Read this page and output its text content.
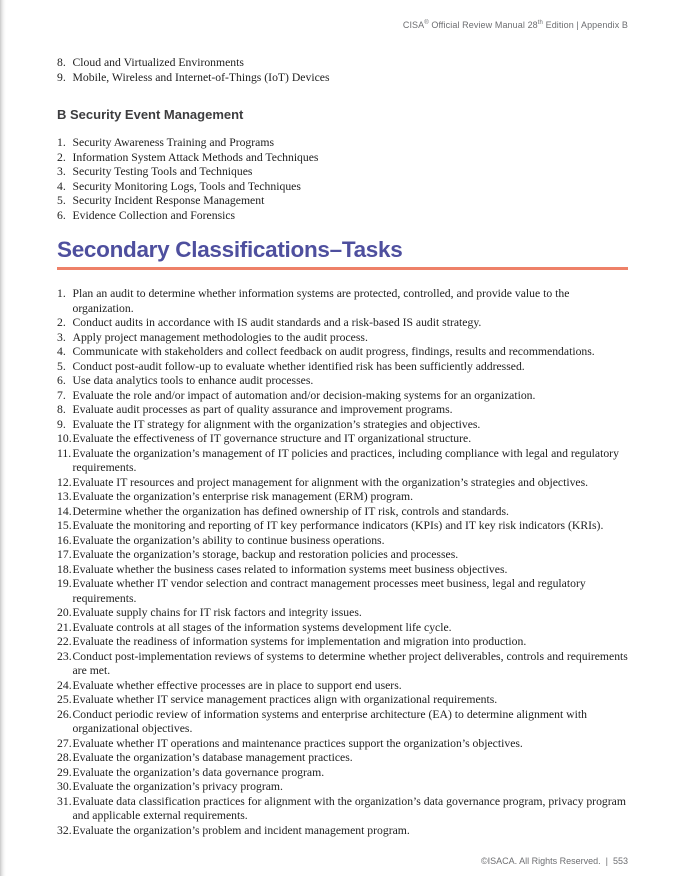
CISA® Official Review Manual 28th Edition | Appendix B
8. Cloud and Virtualized Environments
9. Mobile, Wireless and Internet-of-Things (IoT) Devices
B Security Event Management
1. Security Awareness Training and Programs
2. Information System Attack Methods and Techniques
3. Security Testing Tools and Techniques
4. Security Monitoring Logs, Tools and Techniques
5. Security Incident Response Management
6. Evidence Collection and Forensics
Secondary Classifications–Tasks
1. Plan an audit to determine whether information systems are protected, controlled, and provide value to the organization.
2. Conduct audits in accordance with IS audit standards and a risk-based IS audit strategy.
3. Apply project management methodologies to the audit process.
4. Communicate with stakeholders and collect feedback on audit progress, findings, results and recommendations.
5. Conduct post-audit follow-up to evaluate whether identified risk has been sufficiently addressed.
6. Use data analytics tools to enhance audit processes.
7. Evaluate the role and/or impact of automation and/or decision-making systems for an organization.
8. Evaluate audit processes as part of quality assurance and improvement programs.
9. Evaluate the IT strategy for alignment with the organization’s strategies and objectives.
10. Evaluate the effectiveness of IT governance structure and IT organizational structure.
11. Evaluate the organization’s management of IT policies and practices, including compliance with legal and regulatory requirements.
12. Evaluate IT resources and project management for alignment with the organization’s strategies and objectives.
13. Evaluate the organization’s enterprise risk management (ERM) program.
14. Determine whether the organization has defined ownership of IT risk, controls and standards.
15. Evaluate the monitoring and reporting of IT key performance indicators (KPIs) and IT key risk indicators (KRIs).
16. Evaluate the organization’s ability to continue business operations.
17. Evaluate the organization’s storage, backup and restoration policies and processes.
18. Evaluate whether the business cases related to information systems meet business objectives.
19. Evaluate whether IT vendor selection and contract management processes meet business, legal and regulatory requirements.
20. Evaluate supply chains for IT risk factors and integrity issues.
21. Evaluate controls at all stages of the information systems development life cycle.
22. Evaluate the readiness of information systems for implementation and migration into production.
23. Conduct post-implementation reviews of systems to determine whether project deliverables, controls and requirements are met.
24. Evaluate whether effective processes are in place to support end users.
25. Evaluate whether IT service management practices align with organizational requirements.
26. Conduct periodic review of information systems and enterprise architecture (EA) to determine alignment with organizational objectives.
27. Evaluate whether IT operations and maintenance practices support the organization’s objectives.
28. Evaluate the organization’s database management practices.
29. Evaluate the organization’s data governance program.
30. Evaluate the organization’s privacy program.
31. Evaluate data classification practices for alignment with the organization’s data governance program, privacy program and applicable external requirements.
32. Evaluate the organization’s problem and incident management program.
©ISACA. All Rights Reserved. | 553
